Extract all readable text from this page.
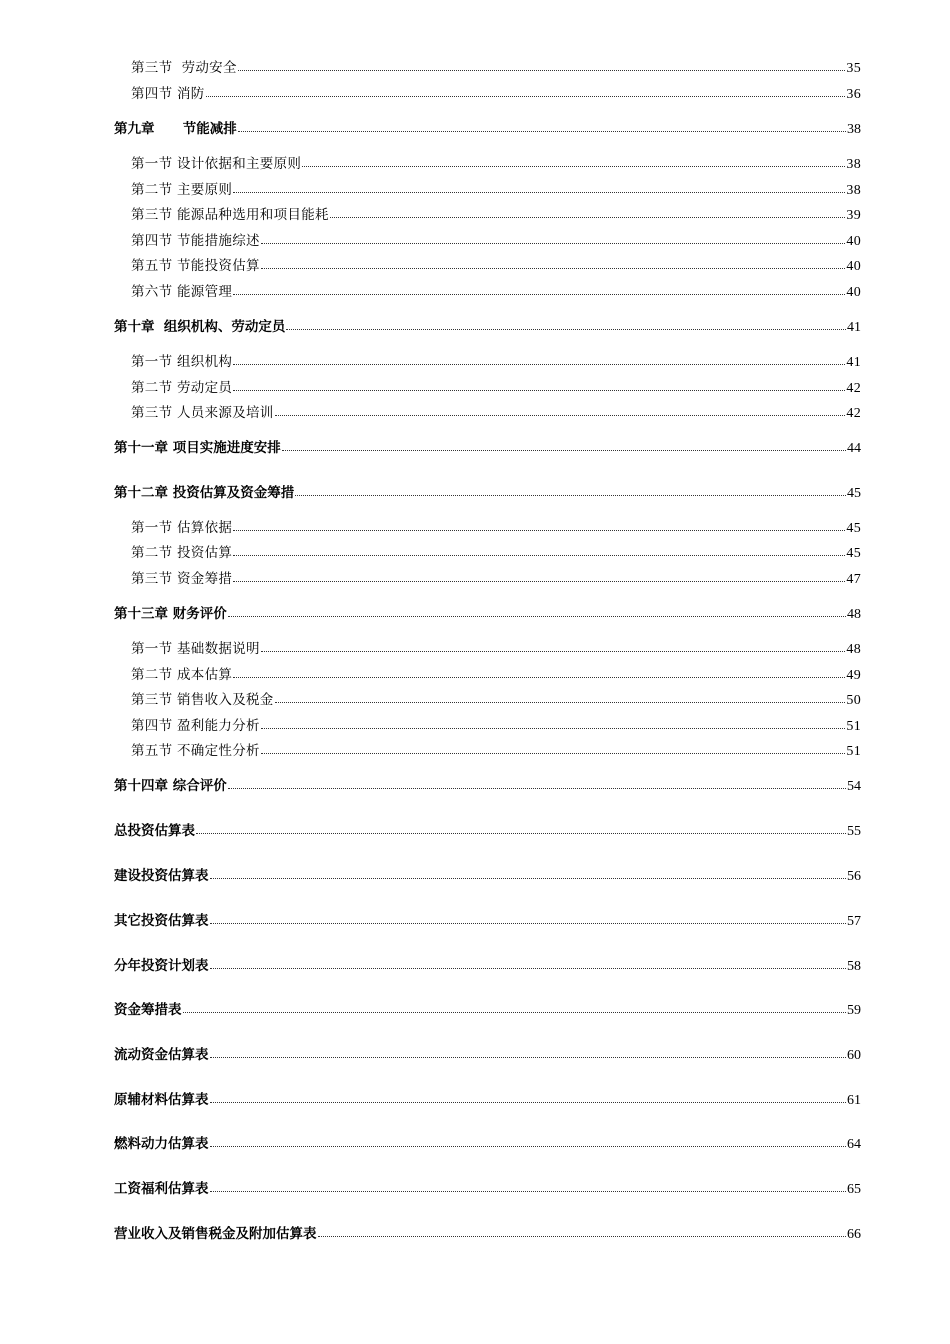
第三节  劳动安全	35
第四节 消防	36
第九章      节能减排	38
第一节 设计依据和主要原则	38
第二节 主要原则	38
第三节 能源品种选用和项目能耗	39
第四节 节能措施综述	40
第五节 节能投资估算	40
第六节 能源管理	40
第十章  组织机构、劳动定员	41
第一节 组织机构	41
第二节 劳动定员	42
第三节 人员来源及培训	42
第十一章 项目实施进度安排	44
第十二章 投资估算及资金筹措	45
第一节 估算依据	45
第二节 投资估算	45
第三节 资金筹措	47
第十三章 财务评价	48
第一节 基础数据说明	48
第二节 成本估算	49
第三节 销售收入及税金	50
第四节 盈利能力分析	51
第五节 不确定性分析	51
第十四章 综合评价	54
总投资估算表	55
建设投资估算表	56
其它投资估算表	57
分年投资计划表	58
资金筹措表	59
流动资金估算表	60
原辅材料估算表	61
燃料动力估算表	64
工资福利估算表	65
营业收入及销售税金及附加估算表	66
